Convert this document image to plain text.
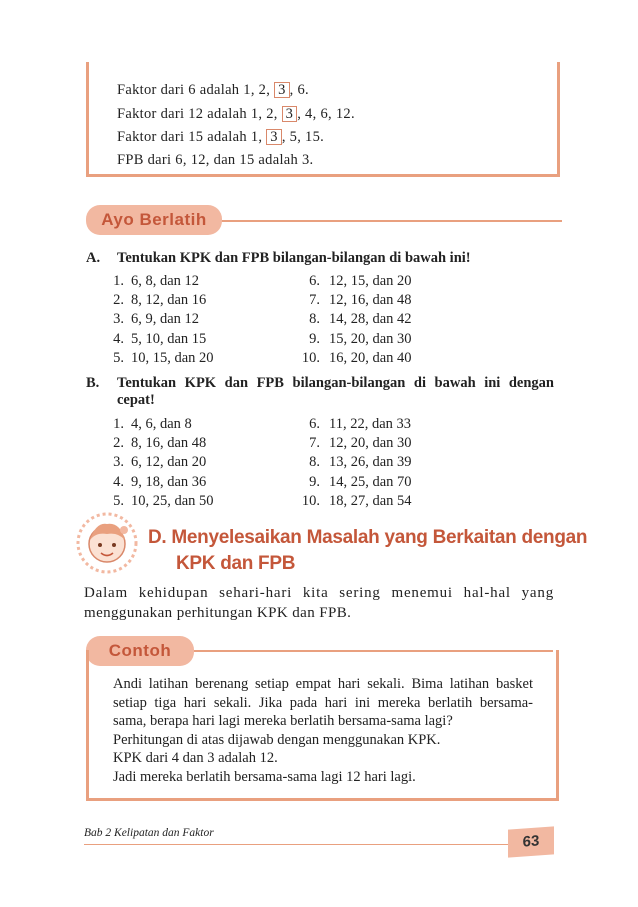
Faktor dari 6 adalah 1, 2, 3 , 6.
Faktor dari 12 adalah 1, 2, 3 , 4, 6, 12.
Faktor dari 15 adalah 1, 3 , 5, 15.
FPB dari 6, 12, dan 15 adalah 3.
Ayo Berlatih
A. Tentukan KPK dan FPB bilangan-bilangan di bawah ini!
1. 6, 8, dan 12
2. 8, 12, dan 16
3. 6, 9, dan 12
4. 5, 10, dan 15
5. 10, 15, dan 20
6. 12, 15, dan 20
7. 12, 16, dan 48
8. 14, 28, dan 42
9. 15, 20, dan 30
10. 16, 20, dan 40
B. Tentukan KPK dan FPB bilangan-bilangan di bawah ini dengan
cepat!
1. 4, 6, dan 8
2. 8, 16, dan 48
3. 6, 12, dan 20
4. 9, 18, dan 36
5. 10, 25, dan 50
6. 11, 22, dan 33
7. 12, 20, dan 30
8. 13, 26, dan 39
9. 14, 25, dan 70
10. 18, 27, dan 54
D. Menyelesaikan Masalah yang Berkaitan dengan
KPK dan FPB
Dalam kehidupan sehari-hari kita sering menemui hal-hal yang
menggunakan perhitungan KPK dan FPB.
Contoh
Andi latihan berenang setiap empat hari sekali. Bima latihan basket
setiap tiga hari sekali. Jika pada hari ini mereka berlatih bersama-
sama, berapa hari lagi mereka berlatih bersama-sama lagi?
Perhitungan di atas dijawab dengan menggunakan KPK.
KPK dari 4 dan 3 adalah 12.
Jadi mereka berlatih bersama-sama lagi 12 hari lagi.
Bab 2 Kelipatan dan Faktor	63
